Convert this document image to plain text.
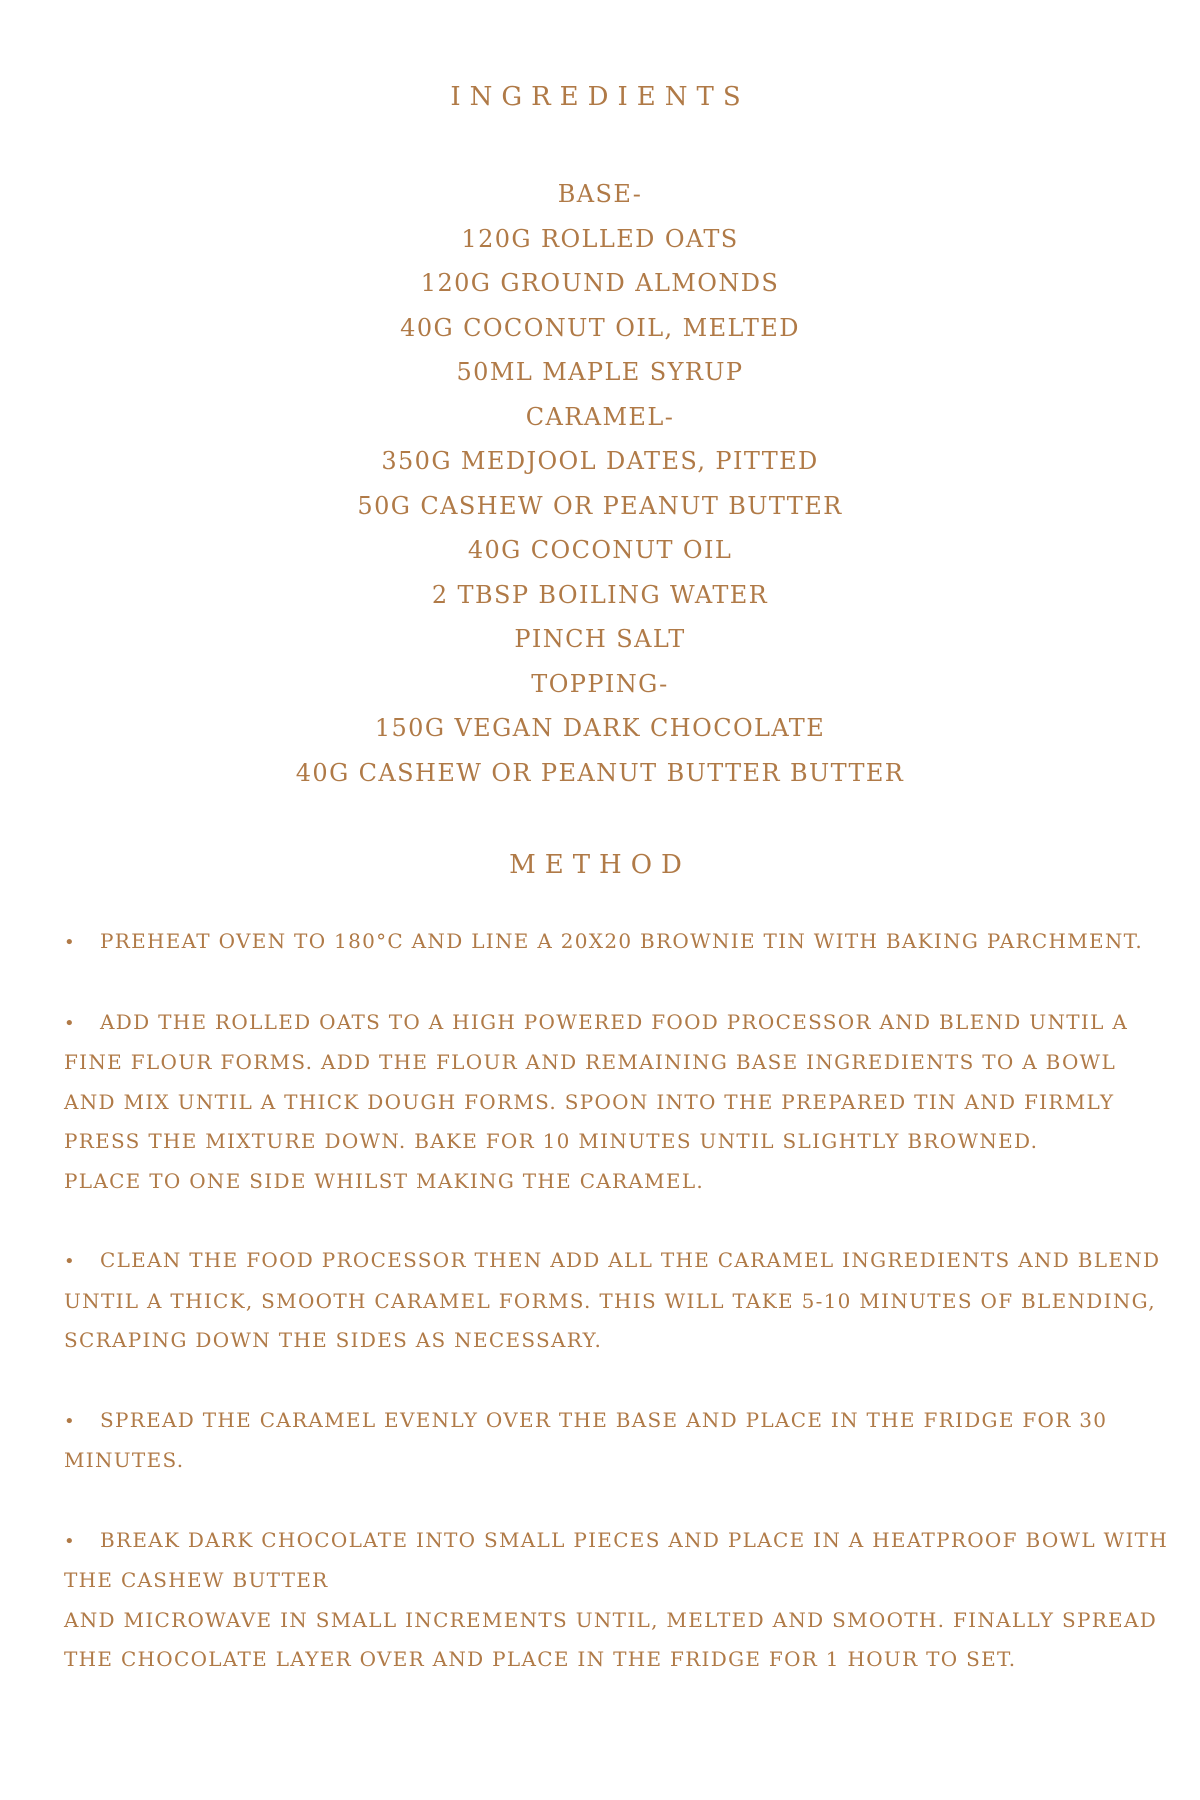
INGREDIENTS
BASE-
120G ROLLED OATS
120G GROUND ALMONDS
40G COCONUT OIL, MELTED
50ML MAPLE SYRUP
CARAMEL-
350G MEDJOOL DATES, PITTED
50G CASHEW OR PEANUT BUTTER
40G COCONUT OIL
2 TBSP BOILING WATER
PINCH SALT
TOPPING-
150G VEGAN DARK CHOCOLATE
40G CASHEW OR PEANUT BUTTER BUTTER
METHOD
• PREHEAT OVEN TO 180°C AND LINE A 20X20 BROWNIE TIN WITH BAKING PARCHMENT.
• ADD THE ROLLED OATS TO A HIGH POWERED FOOD PROCESSOR AND BLEND UNTIL A FINE FLOUR FORMS. ADD THE FLOUR AND REMAINING BASE INGREDIENTS TO A BOWL AND MIX UNTIL A THICK DOUGH FORMS. SPOON INTO THE PREPARED TIN AND FIRMLY PRESS THE MIXTURE DOWN. BAKE FOR 10 MINUTES UNTIL SLIGHTLY BROWNED.
PLACE TO ONE SIDE WHILST MAKING THE CARAMEL.
• CLEAN THE FOOD PROCESSOR THEN ADD ALL THE CARAMEL INGREDIENTS AND BLEND UNTIL A THICK, SMOOTH CARAMEL FORMS. THIS WILL TAKE 5-10 MINUTES OF BLENDING, SCRAPING DOWN THE SIDES AS NECESSARY.
• SPREAD THE CARAMEL EVENLY OVER THE BASE AND PLACE IN THE FRIDGE FOR 30 MINUTES.
• BREAK DARK CHOCOLATE INTO SMALL PIECES AND PLACE IN A HEATPROOF BOWL WITH THE CASHEW BUTTER
AND MICROWAVE IN SMALL INCREMENTS UNTIL, MELTED AND SMOOTH. FINALLY SPREAD THE CHOCOLATE LAYER OVER AND PLACE IN THE FRIDGE FOR 1 HOUR TO SET.
